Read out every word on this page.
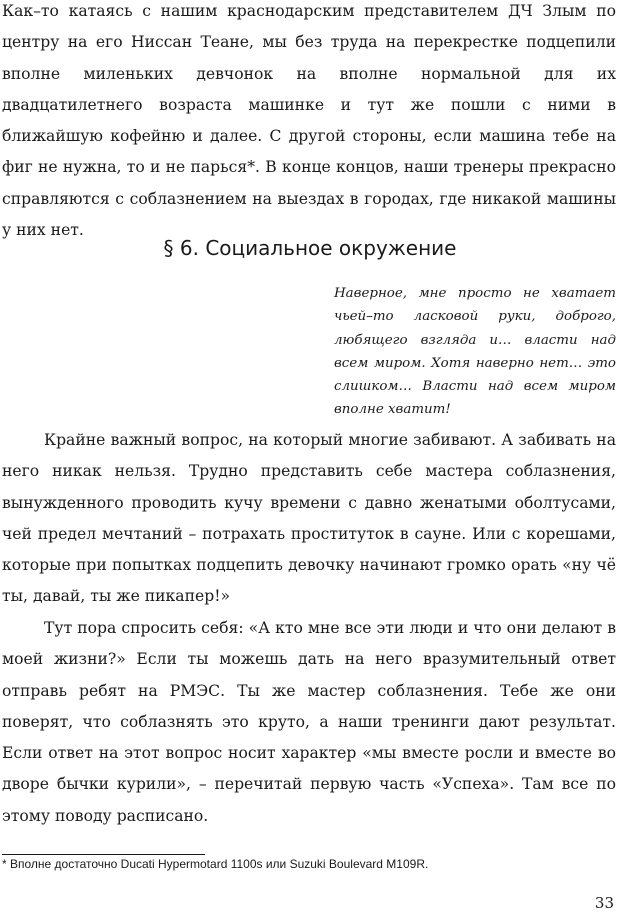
Как–то катаясь с нашим краснодарским представителем ДЧ Злым по центру на его Ниссан Теане, мы без труда на перекрестке подцепили вполне миленьких девчонок на вполне нормальной для их двадцатилетнего возраста машинке и тут же пошли с ними в ближайшую кофейню и далее. С другой стороны, если машина тебе на фиг не нужна, то и не парься*. В конце концов, наши тренеры прекрасно справляются с соблазнением на выездах в городах, где никакой машины у них нет.

§ 6. Социальное окружение

Наверное, мне просто не хватает чьей–то ласковой руки, доброго, любящего взгляда и… власти над всем миром. Хотя наверно нет… это слишком… Власти над всем миром вполне хватит!

Крайне важный вопрос, на который многие забивают. А забивать на него никак нельзя. Трудно представить себе мастера соблазнения, вынужденного проводить кучу времени с давно женатыми оболтусами, чей предел мечтаний – потрахать проституток в сауне. Или с корешами, которые при попытках подцепить девочку начинают громко орать «ну чё ты, давай, ты же пикапер!»

Тут пора спросить себя: «А кто мне все эти люди и что они делают в моей жизни?» Если ты можешь дать на него вразумительный ответ отправь ребят на РМЭС. Ты же мастер соблазнения. Тебе же они поверят, что соблазнять это круто, а наши тренинги дают результат. Если ответ на этот вопрос носит характер «мы вместе росли и вместе во дворе бычки курили», – перечитай первую часть «Успеха». Там все по этому поводу расписано.

* Вполне достаточно Ducati Hypermotard 1100s или Suzuki Boulevard M109R.

33
